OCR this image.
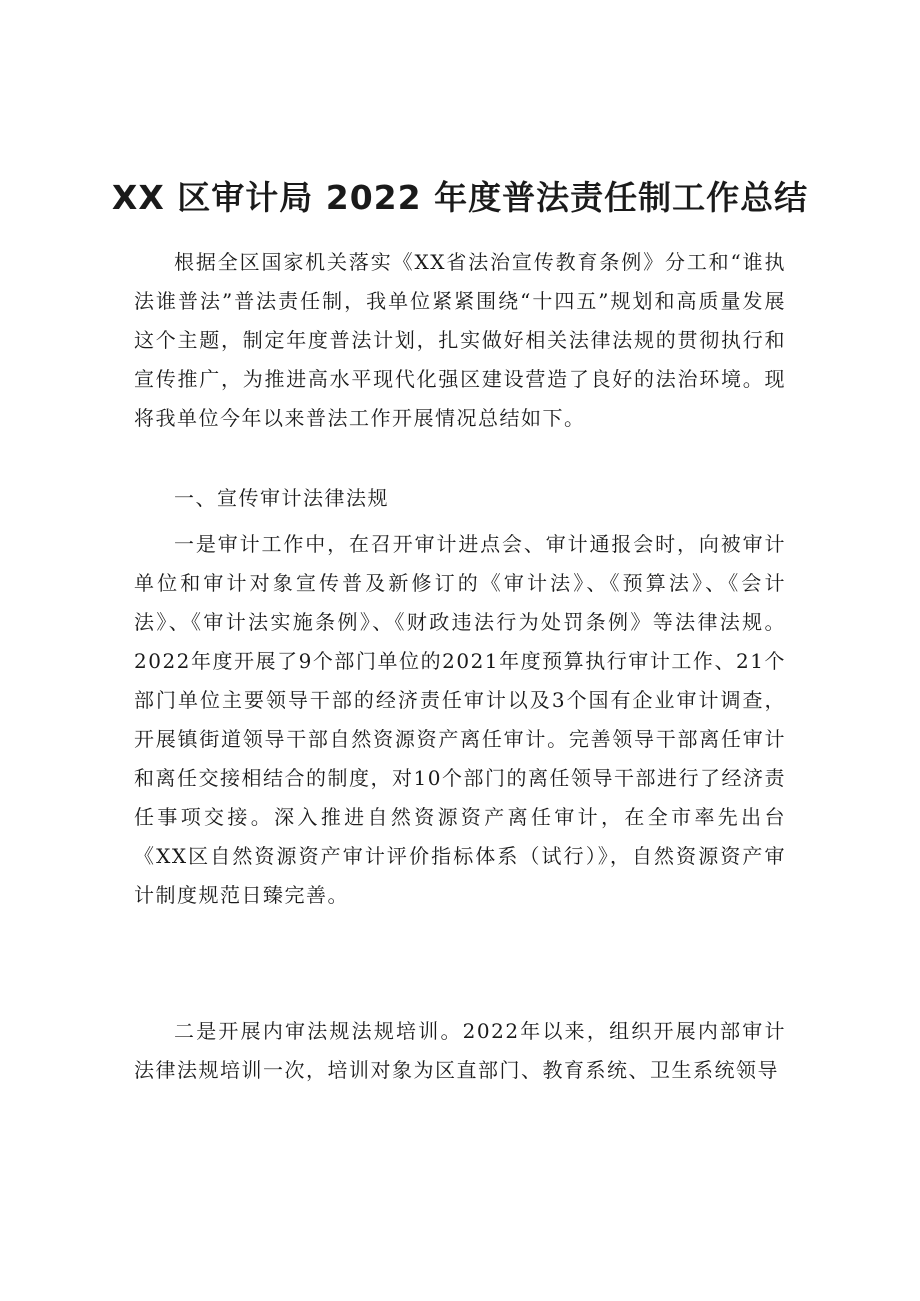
XX 区审计局 2022 年度普法责任制工作总结

根据全区国家机关落实《XX省法治宣传教育条例》分工和“谁执法谁普法”普法责任制，我单位紧紧围绕“十四五”规划和高质量发展这个主题，制定年度普法计划，扎实做好相关法律法规的贯彻执行和宣传推广，为推进高水平现代化强区建设营造了良好的法治环境。现将我单位今年以来普法工作开展情况总结如下。

一、宣传审计法律法规

一是审计工作中，在召开审计进点会、审计通报会时，向被审计单位和审计对象宣传普及新修订的《审计法》、《预算法》、《会计法》、《审计法实施条例》、《财政违法行为处罚条例》等法律法规。2022年度开展了9个部门单位的2021年度预算执行审计工作、21个部门单位主要领导干部的经济责任审计以及3个国有企业审计调查，开展镇街道领导干部自然资源资产离任审计。完善领导干部离任审计和离任交接相结合的制度，对10个部门的离任领导干部进行了经济责任事项交接。深入推进自然资源资产离任审计，在全市率先出台《XX区自然资源资产审计评价指标体系（试行）》，自然资源资产审计制度规范日臻完善。

二是开展内审法规法规培训。2022年以来，组织开展内部审计法律法规培训一次，培训对象为区直部门、教育系统、卫生系统领导
